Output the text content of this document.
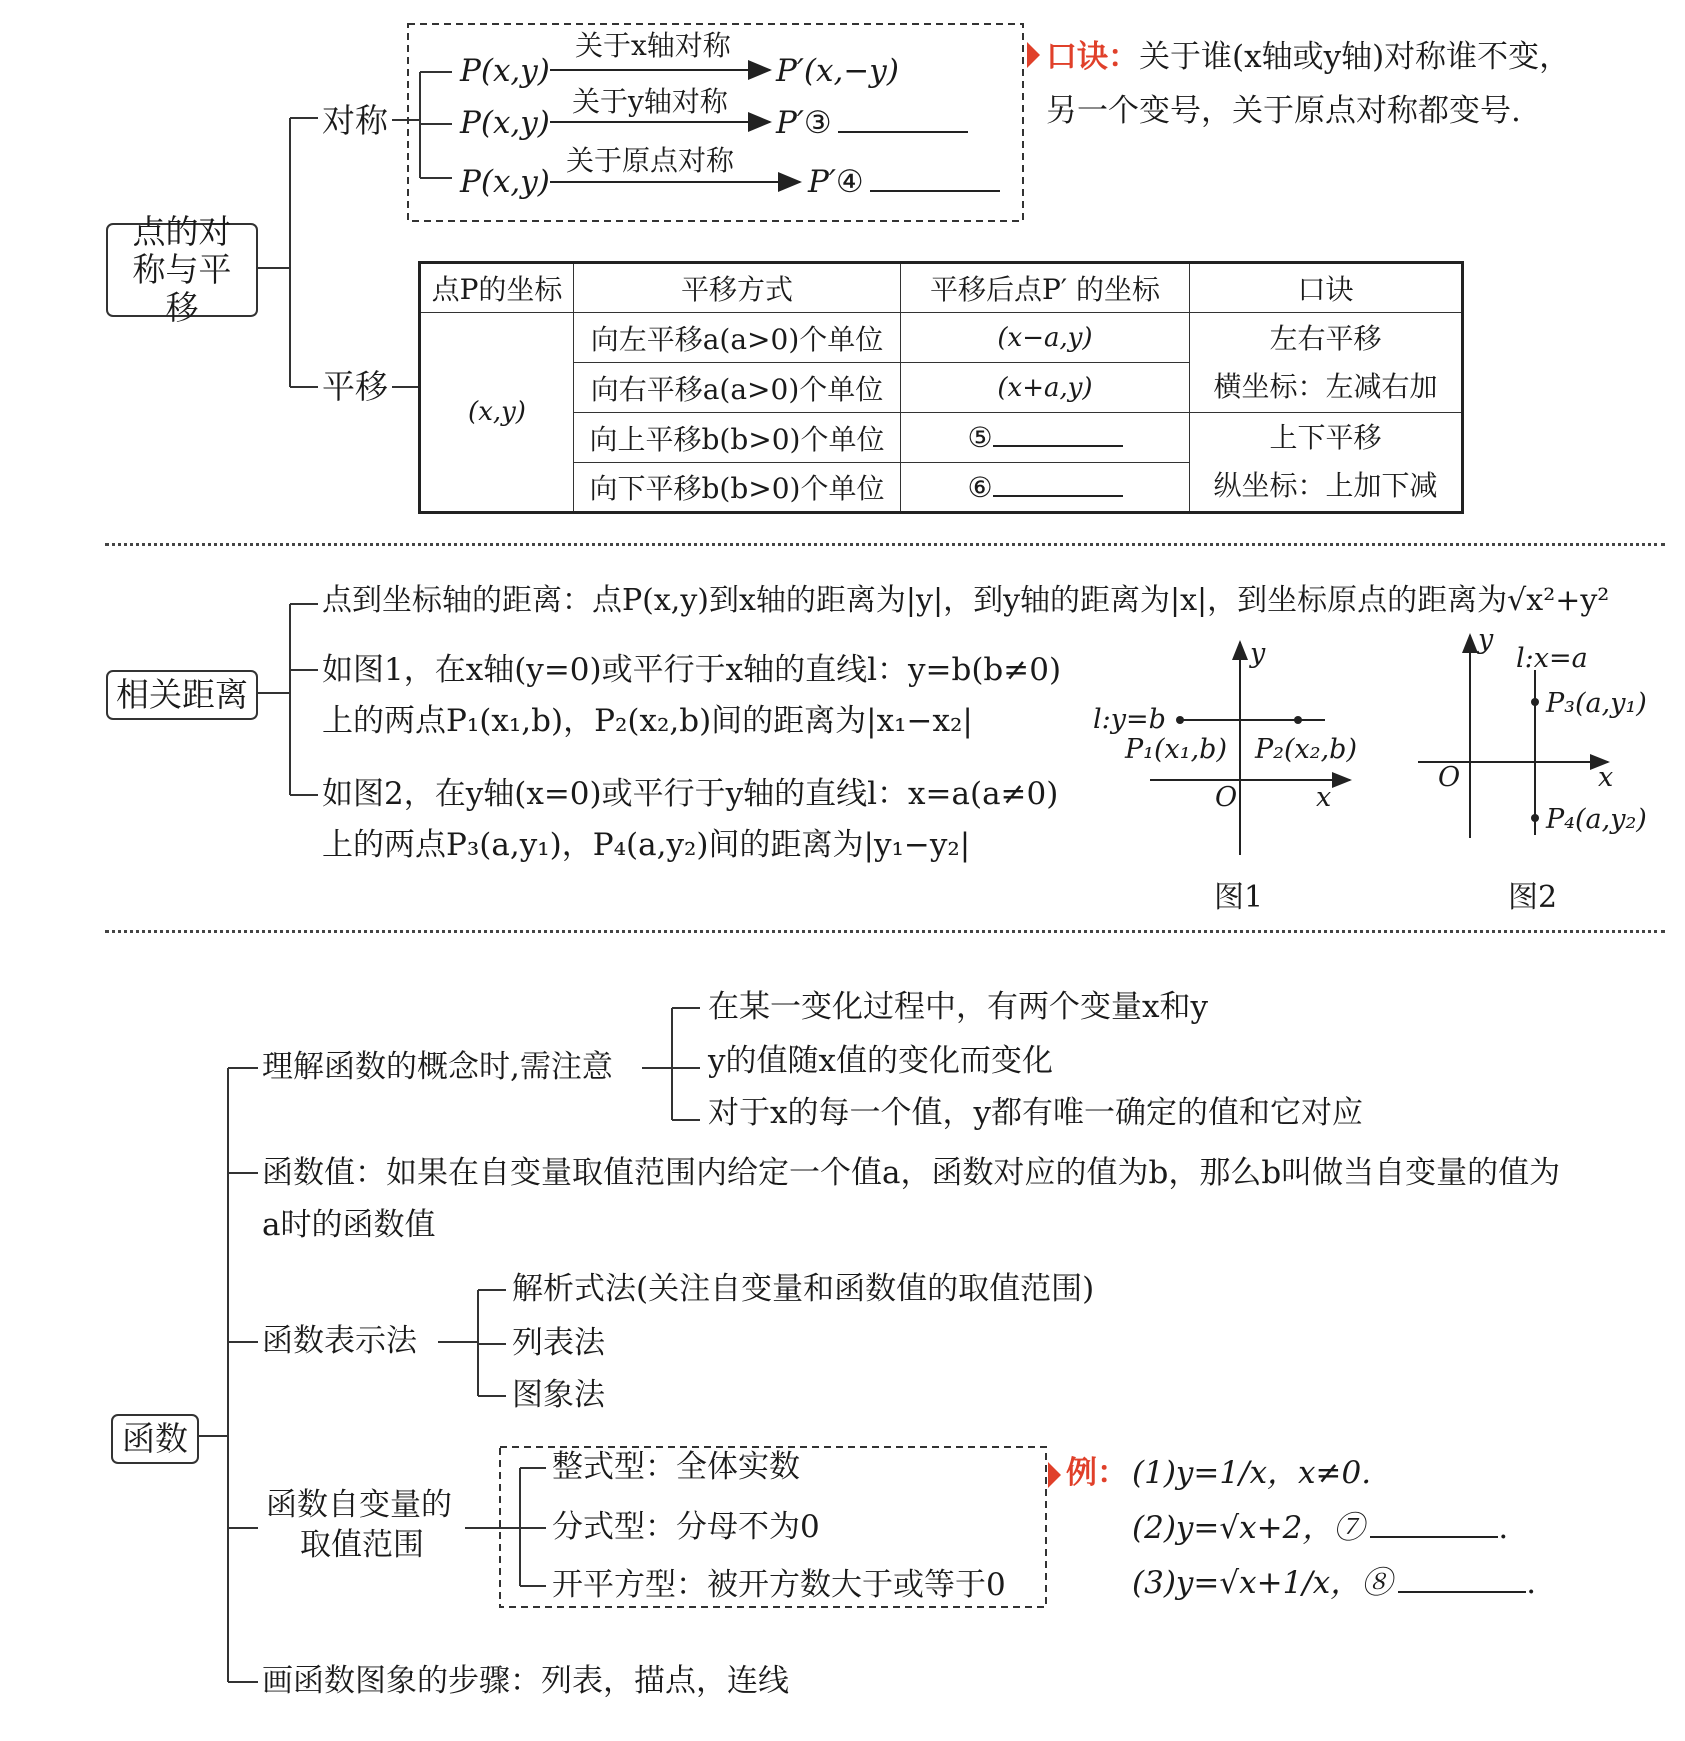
点的对称与平移
对称
平移
P(x,y)
关于x轴对称
P′(x,−y)
P(x,y)
关于y轴对称
P′③
P(x,y)
关于原点对称
P′④
口诀：关于谁(x轴或y轴)对称谁不变，
另一个变号，关于原点对称都变号.
点P的坐标	平移方式	平移后点P′ 的坐标	口诀
(x,y)	向左平移a(a>0)个单位	(x−a,y)	左右平移
横坐标：左减右加

	向右平移a(a>0)个单位	(x+a,y)	
	向上平移b(b>0)个单位	⑤	上下平移
纵坐标：上加下减

	向下平移b(b>0)个单位	⑥	
相关距离
点到坐标轴的距离：点P(x,y)到x轴的距离为|y|，到y轴的距离为|x|，到坐标原点的距离为√x²+y²
如图1，在x轴(y=0)或平行于x轴的直线l：y=b(b≠0)
上的两点P₁(x₁,b)，P₂(x₂,b)间的距离为|x₁−x₂|
如图2，在y轴(x=0)或平行于y轴的直线l：x=a(a≠0)
上的两点P₃(a,y₁)，P₄(a,y₂)间的距离为|y₁−y₂|
y
l:y=b
P₁(x₁,b) P₂(x₂,b)
O	x
图1
y
l:x=a
P₃(a,y₁)
O	x
P₄(a,y₂)
图2
函数
理解函数的概念时,需注意
在某一变化过程中，有两个变量x和y
y的值随x值的变化而变化
对于x的每一个值，y都有唯一确定的值和它对应
函数值：如果在自变量取值范围内给定一个值a，函数对应的值为b，那么b叫做当自变量的值为
a时的函数值
函数表示法
解析式法(关注自变量和函数值的取值范围)
列表法
图象法
函数自变量的
取值范围
整式型：全体实数
分式型：分母不为0
开平方型：被开方数大于或等于0
例： (1)y=1/x，x≠0.
(2)y=√x+2，⑦	.
(3)y=√x+1/x，⑧	.
画函数图象的步骤：列表，描点，连线
